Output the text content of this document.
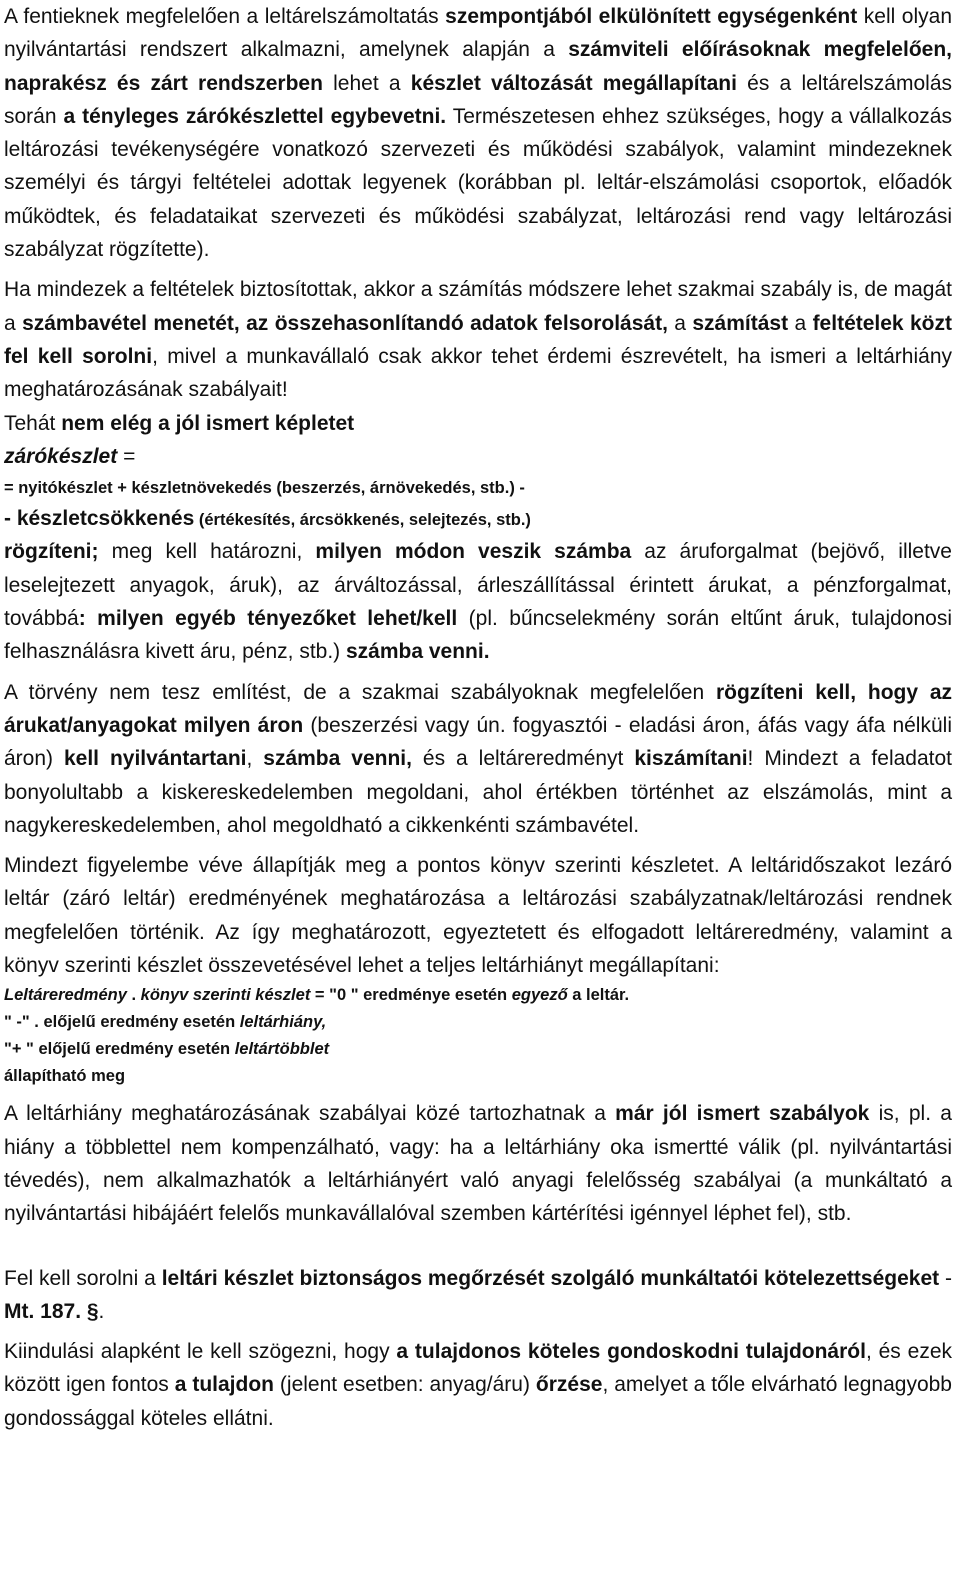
A fentieknek megfelelően a leltárelszámoltatás szempontjából elkülönített egységenként kell olyan nyilvántartási rendszert alkalmazni, amelynek alapján a számviteli előírásoknak megfelelően, naprakész és zárt rendszerben lehet a készlet változását megállapítani és a leltárelszámolás során a tényleges zárókészlettel egybevetni. Természetesen ehhez szükséges, hogy a vállalkozás leltározási tevékenységére vonatkozó szervezeti és működési szabályok, valamint mindezeknek személyi és tárgyi feltételei adottak legyenek (korábban pl. leltár-elszámolási csoportok, előadók működtek, és feladataikat szervezeti és működési szabályzat, leltározási rend vagy leltározási szabályzat rögzítette).

Ha mindezek a feltételek biztosítottak, akkor a számítás módszere lehet szakmai szabály is, de magát a számbavétel menetét, az összehasonlítandó adatok felsorolását, a számítást a feltételek közt fel kell sorolni, mivel a munkavállaló csak akkor tehet érdemi észrevételt, ha ismeri a leltárhiány meghatározásának szabályait!

Tehát nem elég a jól ismert képletet

zárókészlet =

= nyitókészlet + készletnövekedés (beszerzés, árnövekedés, stb.) -

- készletcsökkenés (értékesítés, árcsökkenés, selejtezés, stb.)

rögzíteni; meg kell határozni, milyen módon veszik számba az áruforgalmat (bejövő, illetve leselejtezett anyagok, áruk), az árváltozással, árleszállítással érintett árukat, a pénzforgalmat, továbbá: milyen egyéb tényezőket lehet/kell (pl. bűncselekmény során eltűnt áruk, tulajdonosi felhasználásra kivett áru, pénz, stb.) számba venni.

A törvény nem tesz említést, de a szakmai szabályoknak megfelelően rögzíteni kell, hogy az árukat/anyagokat milyen áron (beszerzési vagy ún. fogyasztói - eladási áron, áfás vagy áfa nélküli áron) kell nyilvántartani, számba venni, és a leltáreredményt kiszámítani! Mindezt a feladatot bonyolultabb a kiskereskedelemben megoldani, ahol értékben történhet az elszámolás, mint a nagykereskedelemben, ahol megoldható a cikkenkénti számbavétel.

Mindezt figyelembe véve állapítják meg a pontos könyv szerinti készletet. A leltáridőszakot lezáró leltár (záró leltár) eredményének meghatározása a leltározási szabályzatnak/leltározási rendnek megfelelően történik. Az így meghatározott, egyeztetett és elfogadott leltáreredmény, valamint a könyv szerinti készlet összevetésével lehet a teljes leltárhiányt megállapítani:

Leltáreredmény . könyv szerinti készlet = "0 " eredménye esetén egyező a leltár.

" -" . előjelű eredmény esetén leltárhiány,

"+ " előjelű eredmény esetén leltártöbblet

állapítható meg

A leltárhiány meghatározásának szabályai közé tartozhatnak a már jól ismert szabályok is, pl. a hiány a többlettel nem kompenzálható, vagy: ha a leltárhiány oka ismertté válik (pl. nyilvántartási tévedés), nem alkalmazhatók a leltárhiányért való anyagi felelősség szabályai (a munkáltató a nyilvántartási hibájáért felelős munkavállalóval szemben kártérítési igénnyel léphet fel), stb.

Fel kell sorolni a leltári készlet biztonságos megőrzését szolgáló munkáltatói kötelezettségeket - Mt. 187. §.

Kiindulási alapként le kell szögezni, hogy a tulajdonos köteles gondoskodni tulajdonáról, és ezek között igen fontos a tulajdon (jelent esetben: anyag/áru) őrzése, amelyet a tőle elvárható legnagyobb gondossággal köteles ellátni.
